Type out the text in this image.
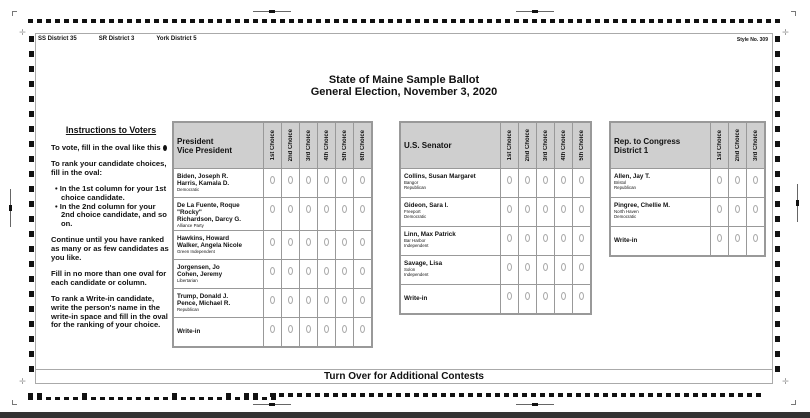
✛	✛
✛	✛
SS District 35	SR District 3	York District 5	Style No. 309
State of Maine Sample Ballot
General Election, November 3, 2020
Instructions to Voters

To vote, fill in the oval like this

To rank your candidate choices, fill in the oval:

• In the 1st column for your 1st choice candidate.
• In the 2nd column for your 2nd choice candidate, and so on.

Continue until you have ranked as many or as few candidates as you like.

Fill in no more than one oval for each candidate or column.

To rank a Write-in candidate, write the person's name in the write-in space and fill in the oval for the ranking of your choice.

President
Vice President	1st Choice	2nd Choice	3rd Choice	4th Choice	5th Choice	6th Choice

Biden, Joseph R.
Harris, Kamala D.
Democratic						

De La Fuente, Roque "Rocky"
Richardson, Darcy G.
Alliance Party						

Hawkins, Howard
Walker, Angela Nicole
Green Independent						

Jorgensen, Jo
Cohen, Jeremy
Libertarian						

Trump, Donald J.
Pence, Michael R.
Republican						

Write-in						
U.S. Senator	1st Choice	2nd Choice	3rd Choice	4th Choice	5th Choice

Collins, Susan Margaret
Bangor
Republican					

Gideon, Sara I.
Freeport
Democratic					

Linn, Max Patrick
Bar Harbor
Independent					

Savage, Lisa
Solon
Independent					

Write-in					
Rep. to Congress
District 1	1st Choice	2nd Choice	3rd Choice

Allen, Jay T.
Bristol
Republican			

Pingree, Chellie M.
North Haven
Democratic			

Write-in			
Turn Over for Additional Contests
